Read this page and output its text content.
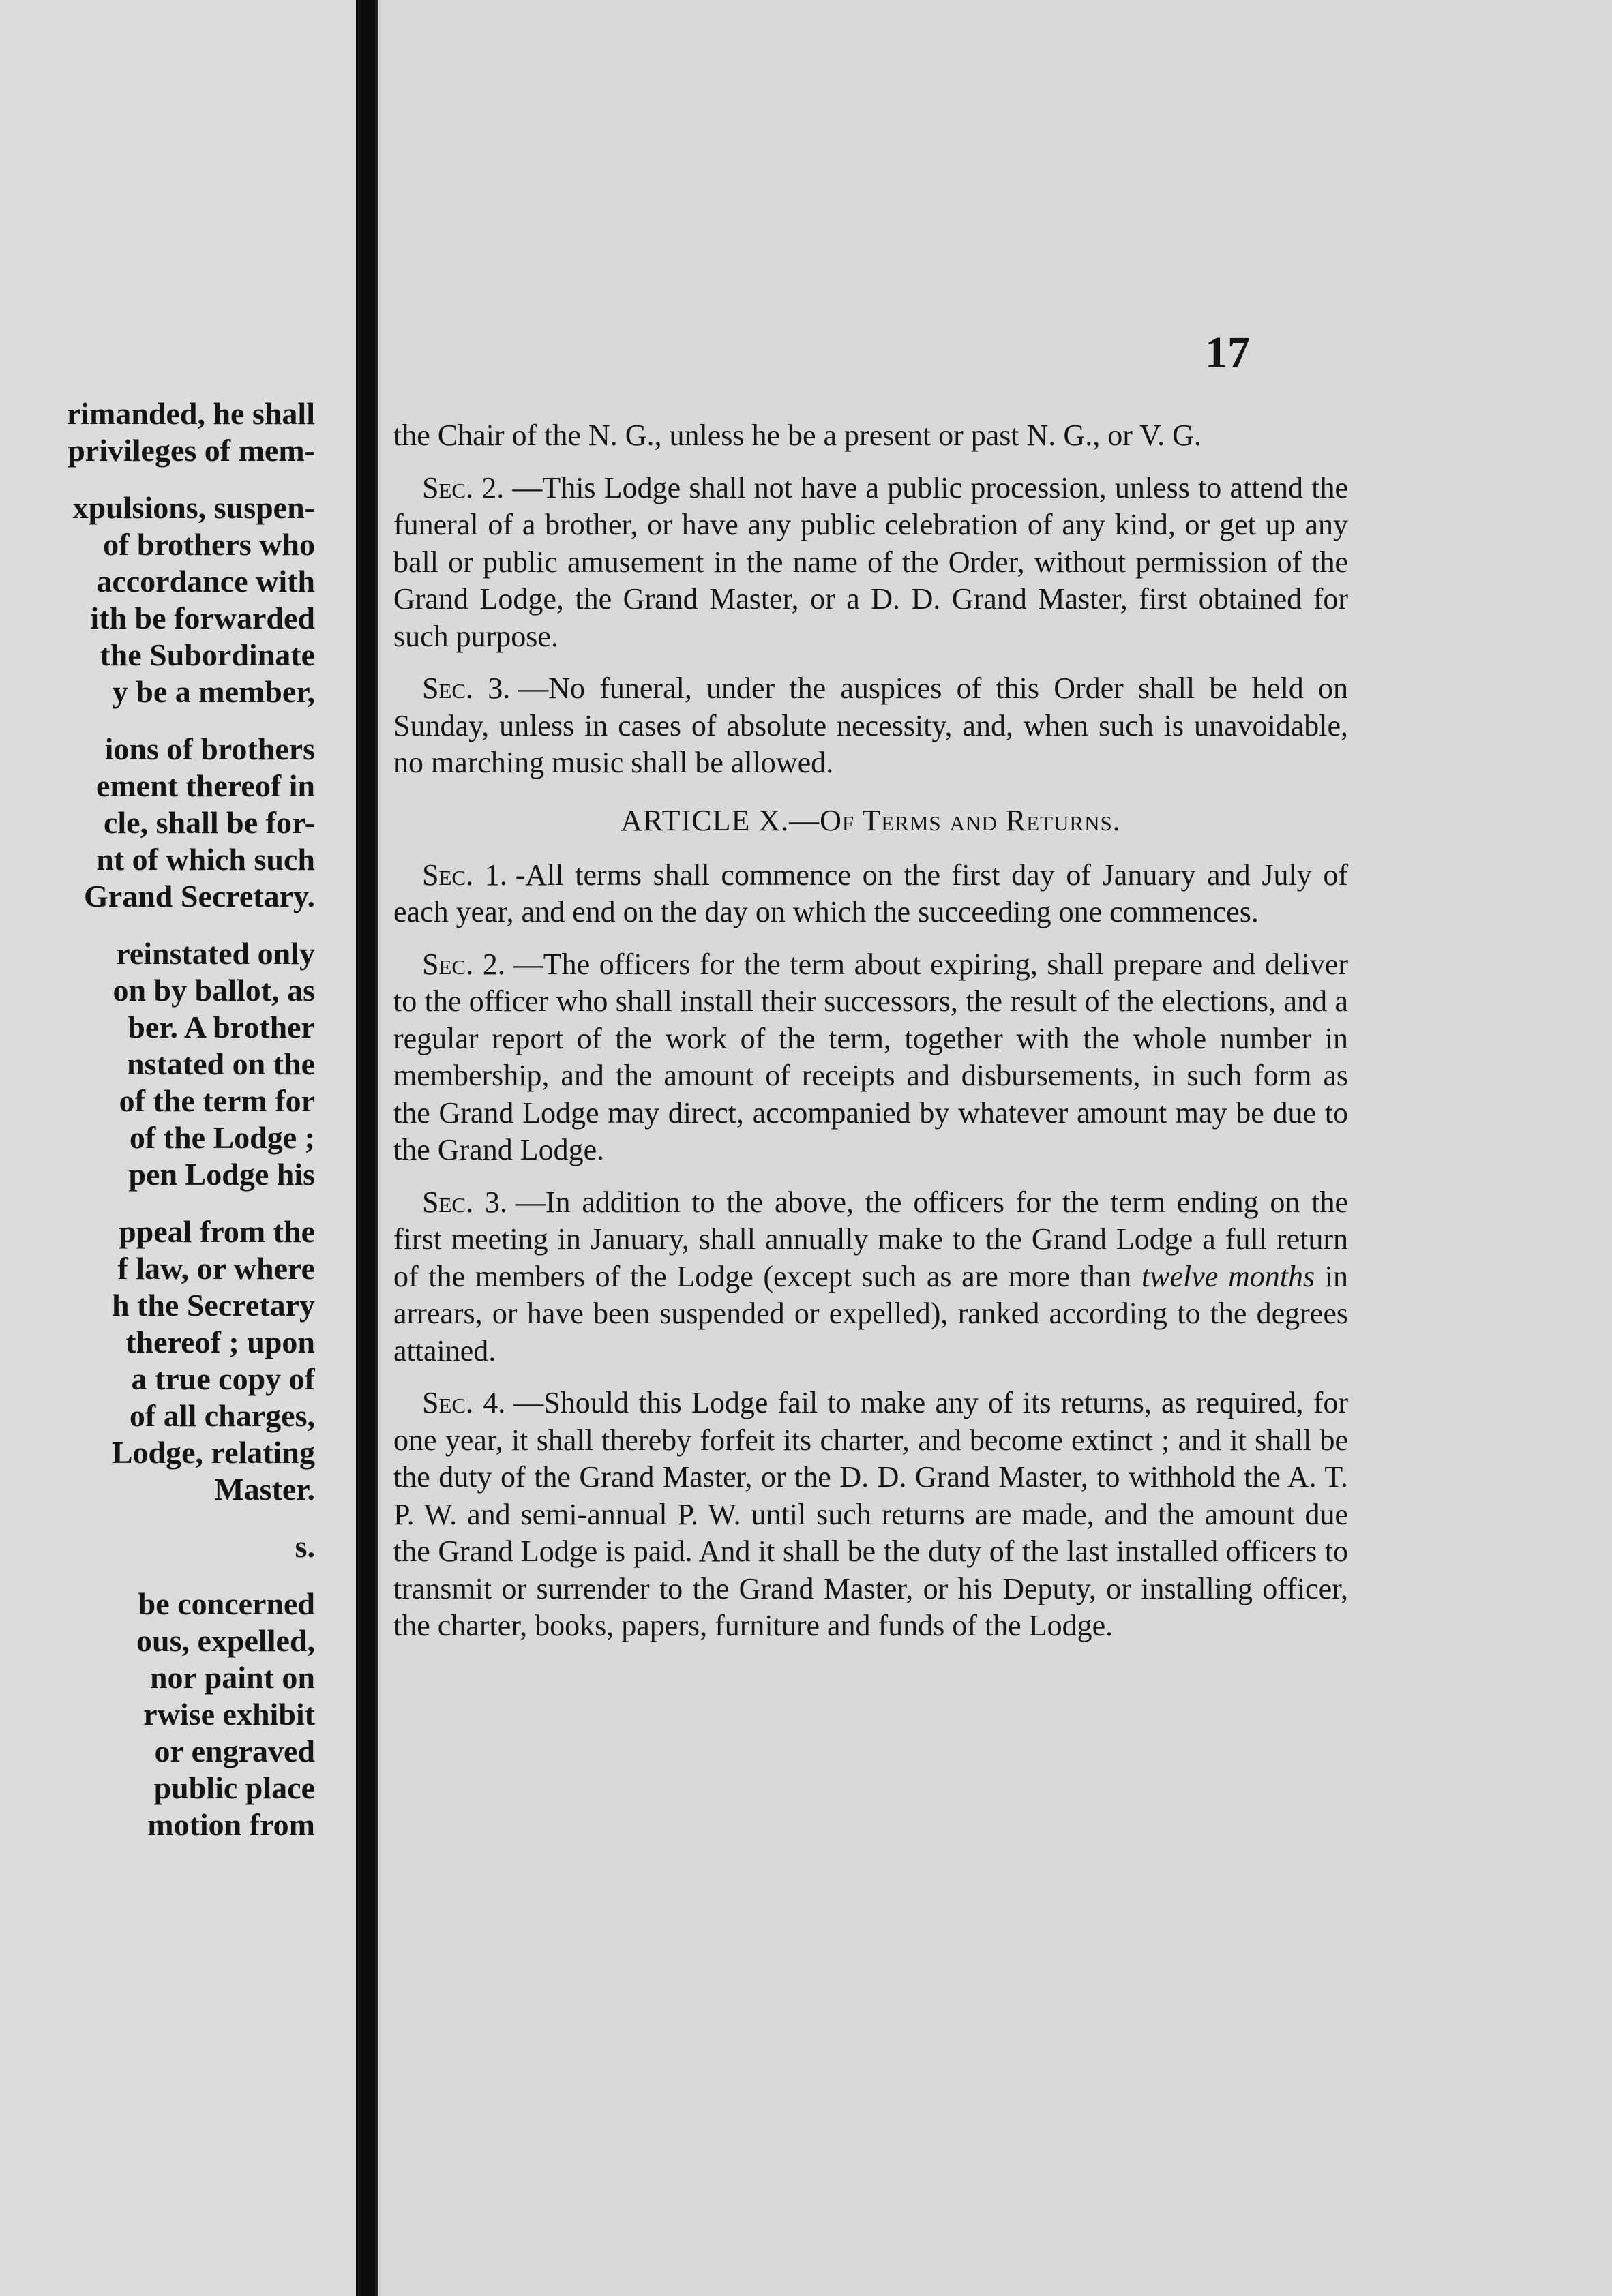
rimanded, he shall
privileges of mem-
xpulsions, suspen-
of brothers who
accordance with
ith be forwarded
the Subordinate
y be a member,
ions of brothers
ement thereof in
cle, shall be for-
nt of which such
Grand Secretary.
reinstated only
on by ballot, as
ber. A brother
nstated on the
of the term for
of the Lodge ;
pen Lodge his
ppeal from the
f law, or where
h the Secretary
thereof ; upon
a true copy of
of all charges,
Lodge, relating
Master.
s.
be concerned
ous, expelled,
nor paint on
rwise exhibit
or engraved
public place
motion from
17

the Chair of the N. G., unless he be a present or past N. G., or V. G.

Sec. 2. —This Lodge shall not have a public procession, unless to attend the funeral of a brother, or have any public celebration of any kind, or get up any ball or public amusement in the name of the Order, without permission of the Grand Lodge, the Grand Master, or a D. D. Grand Master, first obtained for such purpose.

Sec. 3. —No funeral, under the auspices of this Order shall be held on Sunday, unless in cases of absolute necessity, and, when such is unavoidable, no marching music shall be allowed.

ARTICLE X.—Of Terms and Returns.

Sec. 1. -All terms shall commence on the first day of January and July of each year, and end on the day on which the succeeding one commences.

Sec. 2. —The officers for the term about expiring, shall prepare and deliver to the officer who shall install their successors, the result of the elections, and a regular report of the work of the term, together with the whole number in membership, and the amount of receipts and disbursements, in such form as the Grand Lodge may direct, accompanied by whatever amount may be due to the Grand Lodge.

Sec. 3. —In addition to the above, the officers for the term ending on the first meeting in January, shall annually make to the Grand Lodge a full return of the members of the Lodge (except such as are more than twelve months in arrears, or have been suspended or expelled), ranked according to the degrees attained.

Sec. 4. —Should this Lodge fail to make any of its returns, as required, for one year, it shall thereby forfeit its charter, and become extinct ; and it shall be the duty of the Grand Master, or the D. D. Grand Master, to withhold the A. T. P. W. and semi-annual P. W. until such returns are made, and the amount due the Grand Lodge is paid. And it shall be the duty of the last installed officers to transmit or surrender to the Grand Master, or his Deputy, or installing officer, the charter, books, papers, furniture and funds of the Lodge.
